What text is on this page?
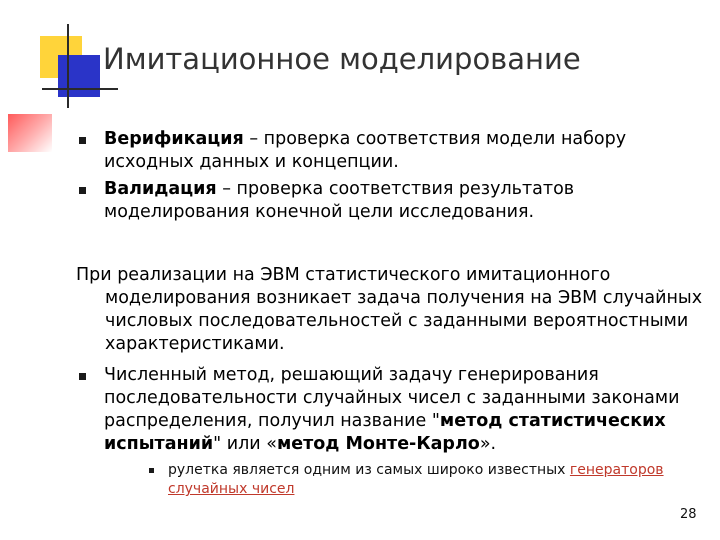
Имитационное моделирование
Верификация – проверка соответствия модели набору
исходных данных и концепции.
Валидация – проверка соответствия результатов
моделирования конечной цели исследования.
При реализации на ЭВМ статистического имитационного
моделирования возникает задача получения на ЭВМ случайных
числовых последовательностей с заданными вероятностными
характеристиками.
Численный метод, решающий задачу генерирования
последовательности случайных чисел с заданными законами
распределения, получил название "метод статистических
испытаний" или «метод Монте-Карло».
рулетка является одним из самых широко известных генераторов
случайных чисел
28
